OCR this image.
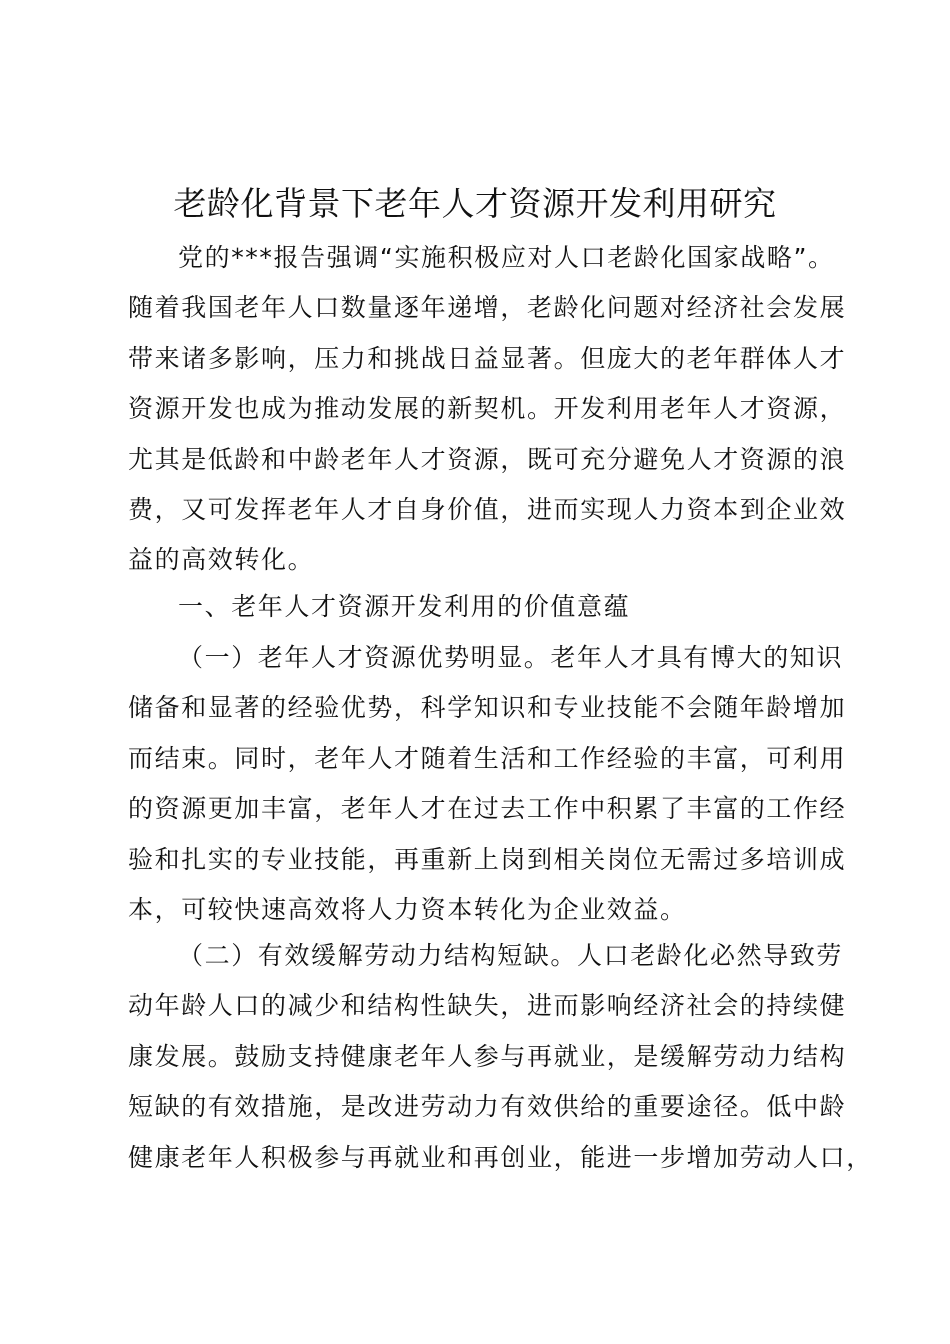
老龄化背景下老年人才资源开发利用研究

党的***报告强调“实施积极应对人口老龄化国家战略”。
随着我国老年人口数量逐年递增，老龄化问题对经济社会发展
带来诸多影响，压力和挑战日益显著。但庞大的老年群体人才
资源开发也成为推动发展的新契机。开发利用老年人才资源，
尤其是低龄和中龄老年人才资源，既可充分避免人才资源的浪
费，又可发挥老年人才自身价值，进而实现人力资本到企业效
益的高效转化。

一、老年人才资源开发利用的价值意蕴

（一）老年人才资源优势明显。老年人才具有博大的知识
储备和显著的经验优势，科学知识和专业技能不会随年龄增加
而结束。同时，老年人才随着生活和工作经验的丰富，可利用
的资源更加丰富，老年人才在过去工作中积累了丰富的工作经
验和扎实的专业技能，再重新上岗到相关岗位无需过多培训成
本，可较快速高效将人力资本转化为企业效益。

（二）有效缓解劳动力结构短缺。人口老龄化必然导致劳
动年龄人口的减少和结构性缺失，进而影响经济社会的持续健
康发展。鼓励支持健康老年人参与再就业，是缓解劳动力结构
短缺的有效措施，是改进劳动力有效供给的重要途径。低中龄
健康老年人积极参与再就业和再创业，能进一步增加劳动人口，
